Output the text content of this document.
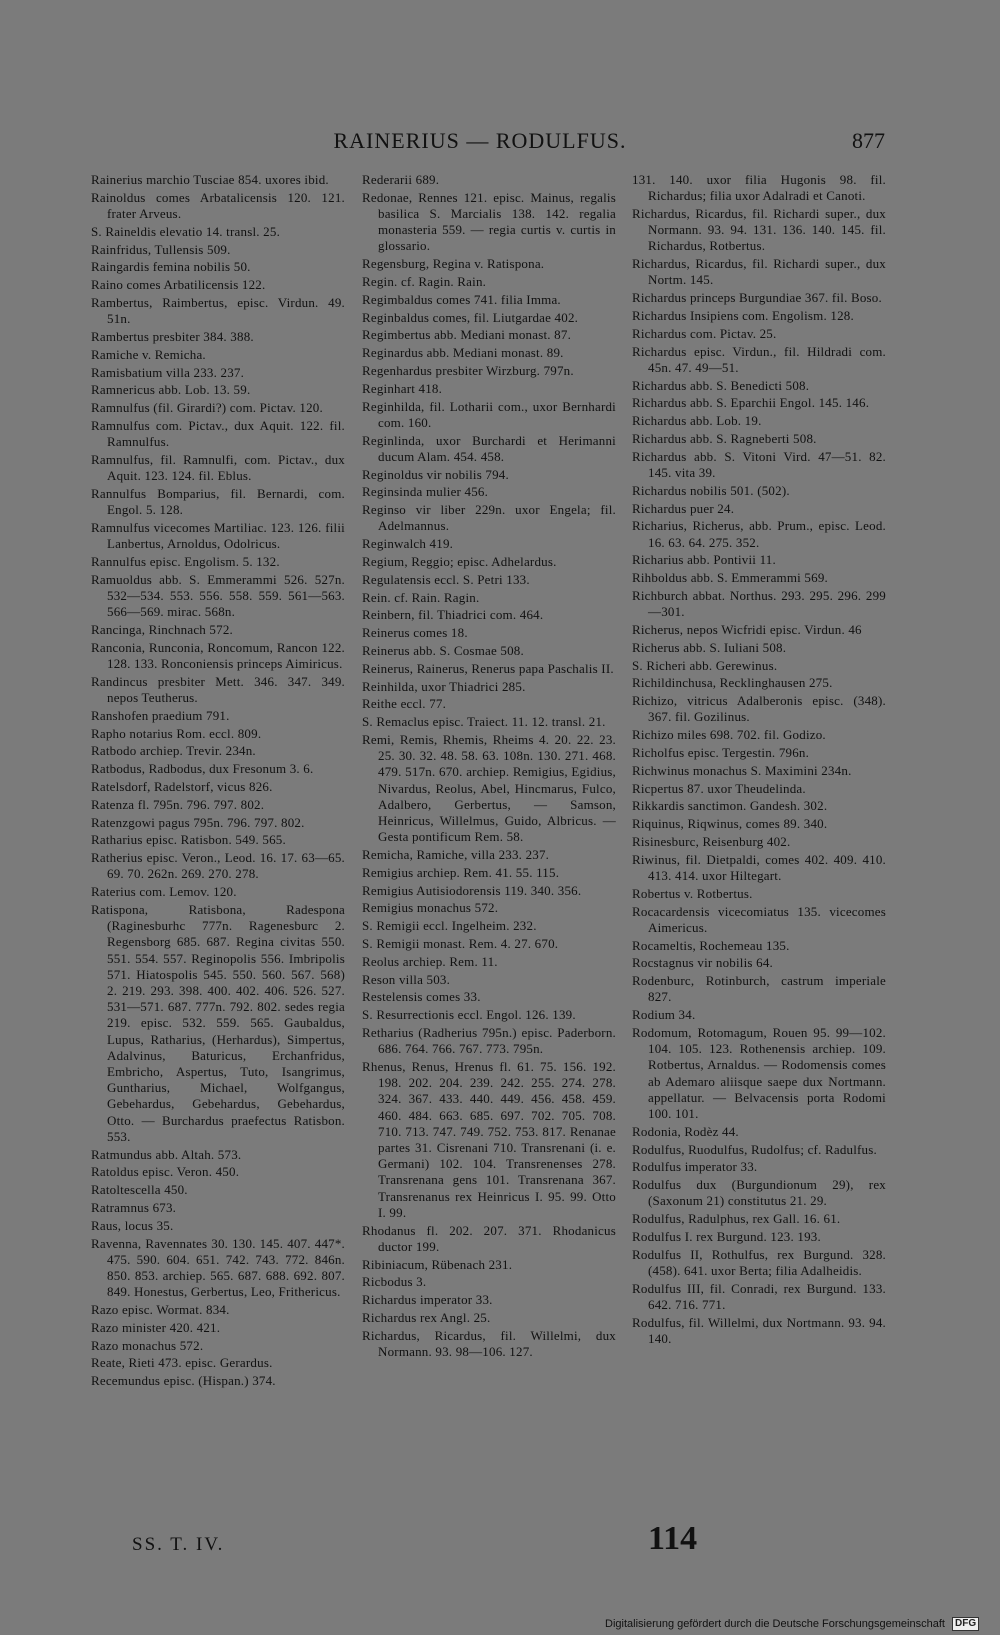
RAINERIUS — RODULFUS.	877
Rainerius marchio Tusciae 854. uxores ibid.
Rainoldus comes Arbatalicensis 120. 121. frater Arveus.
S. Raineldis elevatio 14. transl. 25.
Rainfridus, Tullensis 509.
Raingardis femina nobilis 50.
Raino comes Arbatilicensis 122.
Rambertus, Raimbertus, episc. Virdun. 49. 51n.
Rambertus presbiter 384. 388.
Ramiche v. Remicha.
Ramisbatium villa 233. 237.
Ramnericus abb. Lob. 13. 59.
Ramnulfus (fil. Girardi?) com. Pictav. 120.
Ramnulfus com. Pictav., dux Aquit. 122. fil. Ramnulfus.
Ramnulfus, fil. Ramnulfi, com. Pictav., dux Aquit. 123. 124. fil. Eblus.
Rannulfus Bomparius, fil. Bernardi, com. Engol. 5. 128.
Ramnulfus vicecomes Martiliac. 123. 126. filii Lanbertus, Arnoldus, Odolricus.
Rannulfus episc. Engolism. 5. 132.
Ramuoldus abb. S. Emmerammi 526. 527n. 532—534. 553. 556. 558. 559. 561—563. 566—569. mirac. 568n.
Rancinga, Rinchnach 572.
Ranconia, Runconia, Roncomum, Rancon 122. 128. 133. Ronconiensis princeps Aimiricus.
Randincus presbiter Mett. 346. 347. 349. nepos Teutherus.
Ranshofen praedium 791.
Rapho notarius Rom. eccl. 809.
Ratbodo archiep. Trevir. 234n.
Ratbodus, Radbodus, dux Fresonum 3. 6.
Ratelsdorf, Radelstorf, vicus 826.
Ratenza fl. 795n. 796. 797. 802.
Ratenzgowi pagus 795n. 796. 797. 802.
Ratharius episc. Ratisbon. 549. 565.
Ratherius episc. Veron., Leod. 16. 17. 63—65. 69. 70. 262n. 269. 270. 278.
Raterius com. Lemov. 120.
Ratispona, Ratisbona, Radespona (Raginesburhc 777n. Ragenesburc 2. Regensborg 685. 687. Regina civitas 550. 551. 554. 557. Reginopolis 556. Imbripolis 571. Hiatospolis 545. 550. 560. 567. 568) 2. 219. 293. 398. 400. 402. 406. 526. 527. 531—571. 687. 777n. 792. 802. sedes regia 219. episc. 532. 559. 565. Gaubaldus, Lupus, Ratharius, (Herhardus), Simpertus, Adalvinus, Baturicus, Erchanfridus, Embricho, Aspertus, Tuto, Isangrimus, Guntharius, Michael, Wolfgangus, Gebehardus, Gebehardus, Gebehardus, Otto. — Burchardus praefectus Ratisbon. 553.
Ratmundus abb. Altah. 573.
Ratoldus episc. Veron. 450.
Ratoltescella 450.
Ratramnus 673.
Raus, locus 35.
Ravenna, Ravennates 30. 130. 145. 407. 447*. 475. 590. 604. 651. 742. 743. 772. 846n. 850. 853. archiep. 565. 687. 688. 692. 807. 849. Honestus, Gerbertus, Leo, Frithericus.
Razo episc. Wormat. 834.
Razo minister 420. 421.
Razo monachus 572.
Reate, Rieti 473. episc. Gerardus.
Recemundus episc. (Hispan.) 374.
Rederarii 689.
Redonae, Rennes 121. episc. Mainus, regalis basilica S. Marcialis 138. 142. regalia monasteria 559. — regia curtis v. curtis in glossario.
Regensburg, Regina v. Ratispona.
Regin. cf. Ragin. Rain.
Regimbaldus comes 741. filia Imma.
Reginbaldus comes, fil. Liutgardae 402.
Regimbertus abb. Mediani monast. 87.
Reginardus abb. Mediani monast. 89.
Regenhardus presbiter Wirzburg. 797n.
Reginhart 418.
Reginhilda, fil. Lotharii com., uxor Bernhardi com. 160.
Reginlinda, uxor Burchardi et Herimanni ducum Alam. 454. 458.
Reginoldus vir nobilis 794.
Reginsinda mulier 456.
Reginso vir liber 229n. uxor Engela; fil. Adelmannus.
Reginwalch 419.
Regium, Reggio; episc. Adhelardus.
Regulatensis eccl. S. Petri 133.
Rein. cf. Rain. Ragin.
Reinbern, fil. Thiadrici com. 464.
Reinerus comes 18.
Reinerus abb. S. Cosmae 508.
Reinerus, Rainerus, Renerus papa Paschalis II.
Reinhilda, uxor Thiadrici 285.
Reithe eccl. 77.
S. Remaclus episc. Traiect. 11. 12. transl. 21.
Remi, Remis, Rhemis, Rheims 4. 20. 22. 23. 25. 30. 32. 48. 58. 63. 108n. 130. 271. 468. 479. 517n. 670. archiep. Remigius, Egidius, Nivardus, Reolus, Abel, Hincmarus, Fulco, Adalbero, Gerbertus, — Samson, Heinricus, Willelmus, Guido, Albricus. — Gesta pontificum Rem. 58.
Remicha, Ramiche, villa 233. 237.
Remigius archiep. Rem. 41. 55. 115.
Remigius Autisiodorensis 119. 340. 356.
Remigius monachus 572.
S. Remigii eccl. Ingelheim. 232.
S. Remigii monast. Rem. 4. 27. 670.
Reolus archiep. Rem. 11.
Reson villa 503.
Restelensis comes 33.
S. Resurrectionis eccl. Engol. 126. 139.
Retharius (Radherius 795n.) episc. Paderborn. 686. 764. 766. 767. 773. 795n.
Rhenus, Renus, Hrenus fl. 61. 75. 156. 192. 198. 202. 204. 239. 242. 255. 274. 278. 324. 367. 433. 440. 449. 456. 458. 459. 460. 484. 663. 685. 697. 702. 705. 708. 710. 713. 747. 749. 752. 753. 817. Renanae partes 31. Cisrenani 710. Transrenani (i. e. Germani) 102. 104. Transrenenses 278. Transrenana gens 101. Transrenana 367. Transrenanus rex Heinricus I. 95. 99. Otto I. 99.
Rhodanus fl. 202. 207. 371. Rhodanicus ductor 199.
Ribiniacum, Rübenach 231.
Ricbodus 3.
Richardus imperator 33.
Richardus rex Angl. 25.
Richardus, Ricardus, fil. Willelmi, dux Normann. 93. 98—106. 127.
131. 140. uxor filia Hugonis 98. fil. Richardus; filia uxor Adalradi et Canoti.
Richardus, Ricardus, fil. Richardi super., dux Normann. 93. 94. 131. 136. 140. 145. fil. Richardus, Rotbertus.
Richardus, Ricardus, fil. Richardi super., dux Nortm. 145.
Richardus princeps Burgundiae 367. fil. Boso.
Richardus Insipiens com. Engolism. 128.
Richardus com. Pictav. 25.
Richardus episc. Virdun., fil. Hildradi com. 45n. 47. 49—51.
Richardus abb. S. Benedicti 508.
Richardus abb. S. Eparchii Engol. 145. 146.
Richardus abb. Lob. 19.
Richardus abb. S. Ragneberti 508.
Richardus abb. S. Vitoni Vird. 47—51. 82. 145. vita 39.
Richardus nobilis 501. (502).
Richardus puer 24.
Richarius, Richerus, abb. Prum., episc. Leod. 16. 63. 64. 275. 352.
Richarius abb. Pontivii 11.
Rihboldus abb. S. Emmerammi 569.
Richburch abbat. Northus. 293. 295. 296. 299—301.
Richerus, nepos Wicfridi episc. Virdun. 46
Richerus abb. S. Iuliani 508.
S. Richeri abb. Gerewinus.
Richildinchusa, Recklinghausen 275.
Richizo, vitricus Adalberonis episc. (348). 367. fil. Gozilinus.
Richizo miles 698. 702. fil. Godizo.
Richolfus episc. Tergestin. 796n.
Richwinus monachus S. Maximini 234n.
Ricpertus 87. uxor Theudelinda.
Rikkardis sanctimon. Gandesh. 302.
Riquinus, Riqwinus, comes 89. 340.
Risinesburc, Reisenburg 402.
Riwinus, fil. Dietpaldi, comes 402. 409. 410. 413. 414. uxor Hiltegart.
Robertus v. Rotbertus.
Rocacardensis vicecomiatus 135. vicecomes Aimericus.
Rocameltis, Rochemeau 135.
Rocstagnus vir nobilis 64.
Rodenburc, Rotinburch, castrum imperiale 827.
Rodium 34.
Rodomum, Rotomagum, Rouen 95. 99—102. 104. 105. 123. Rothenensis archiep. 109. Rotbertus, Arnaldus. — Rodomensis comes ab Ademaro aliisque saepe dux Nortmann. appellatur. — Belvacensis porta Rodomi 100. 101.
Rodonia, Rodèz 44.
Rodulfus, Ruodulfus, Rudolfus; cf. Radulfus.
Rodulfus imperator 33.
Rodulfus dux (Burgundionum 29), rex (Saxonum 21) constitutus 21. 29.
Rodulfus, Radulphus, rex Gall. 16. 61.
Rodulfus I. rex Burgund. 123. 193.
Rodulfus II, Rothulfus, rex Burgund. 328. (458). 641. uxor Berta; filia Adalheidis.
Rodulfus III, fil. Conradi, rex Burgund. 133. 642. 716. 771.
Rodulfus, fil. Willelmi, dux Nortmann. 93. 94. 140.
SS. T. IV.	114
Digitalisierung gefördert durch die Deutsche Forschungsgemeinschaft DFG
